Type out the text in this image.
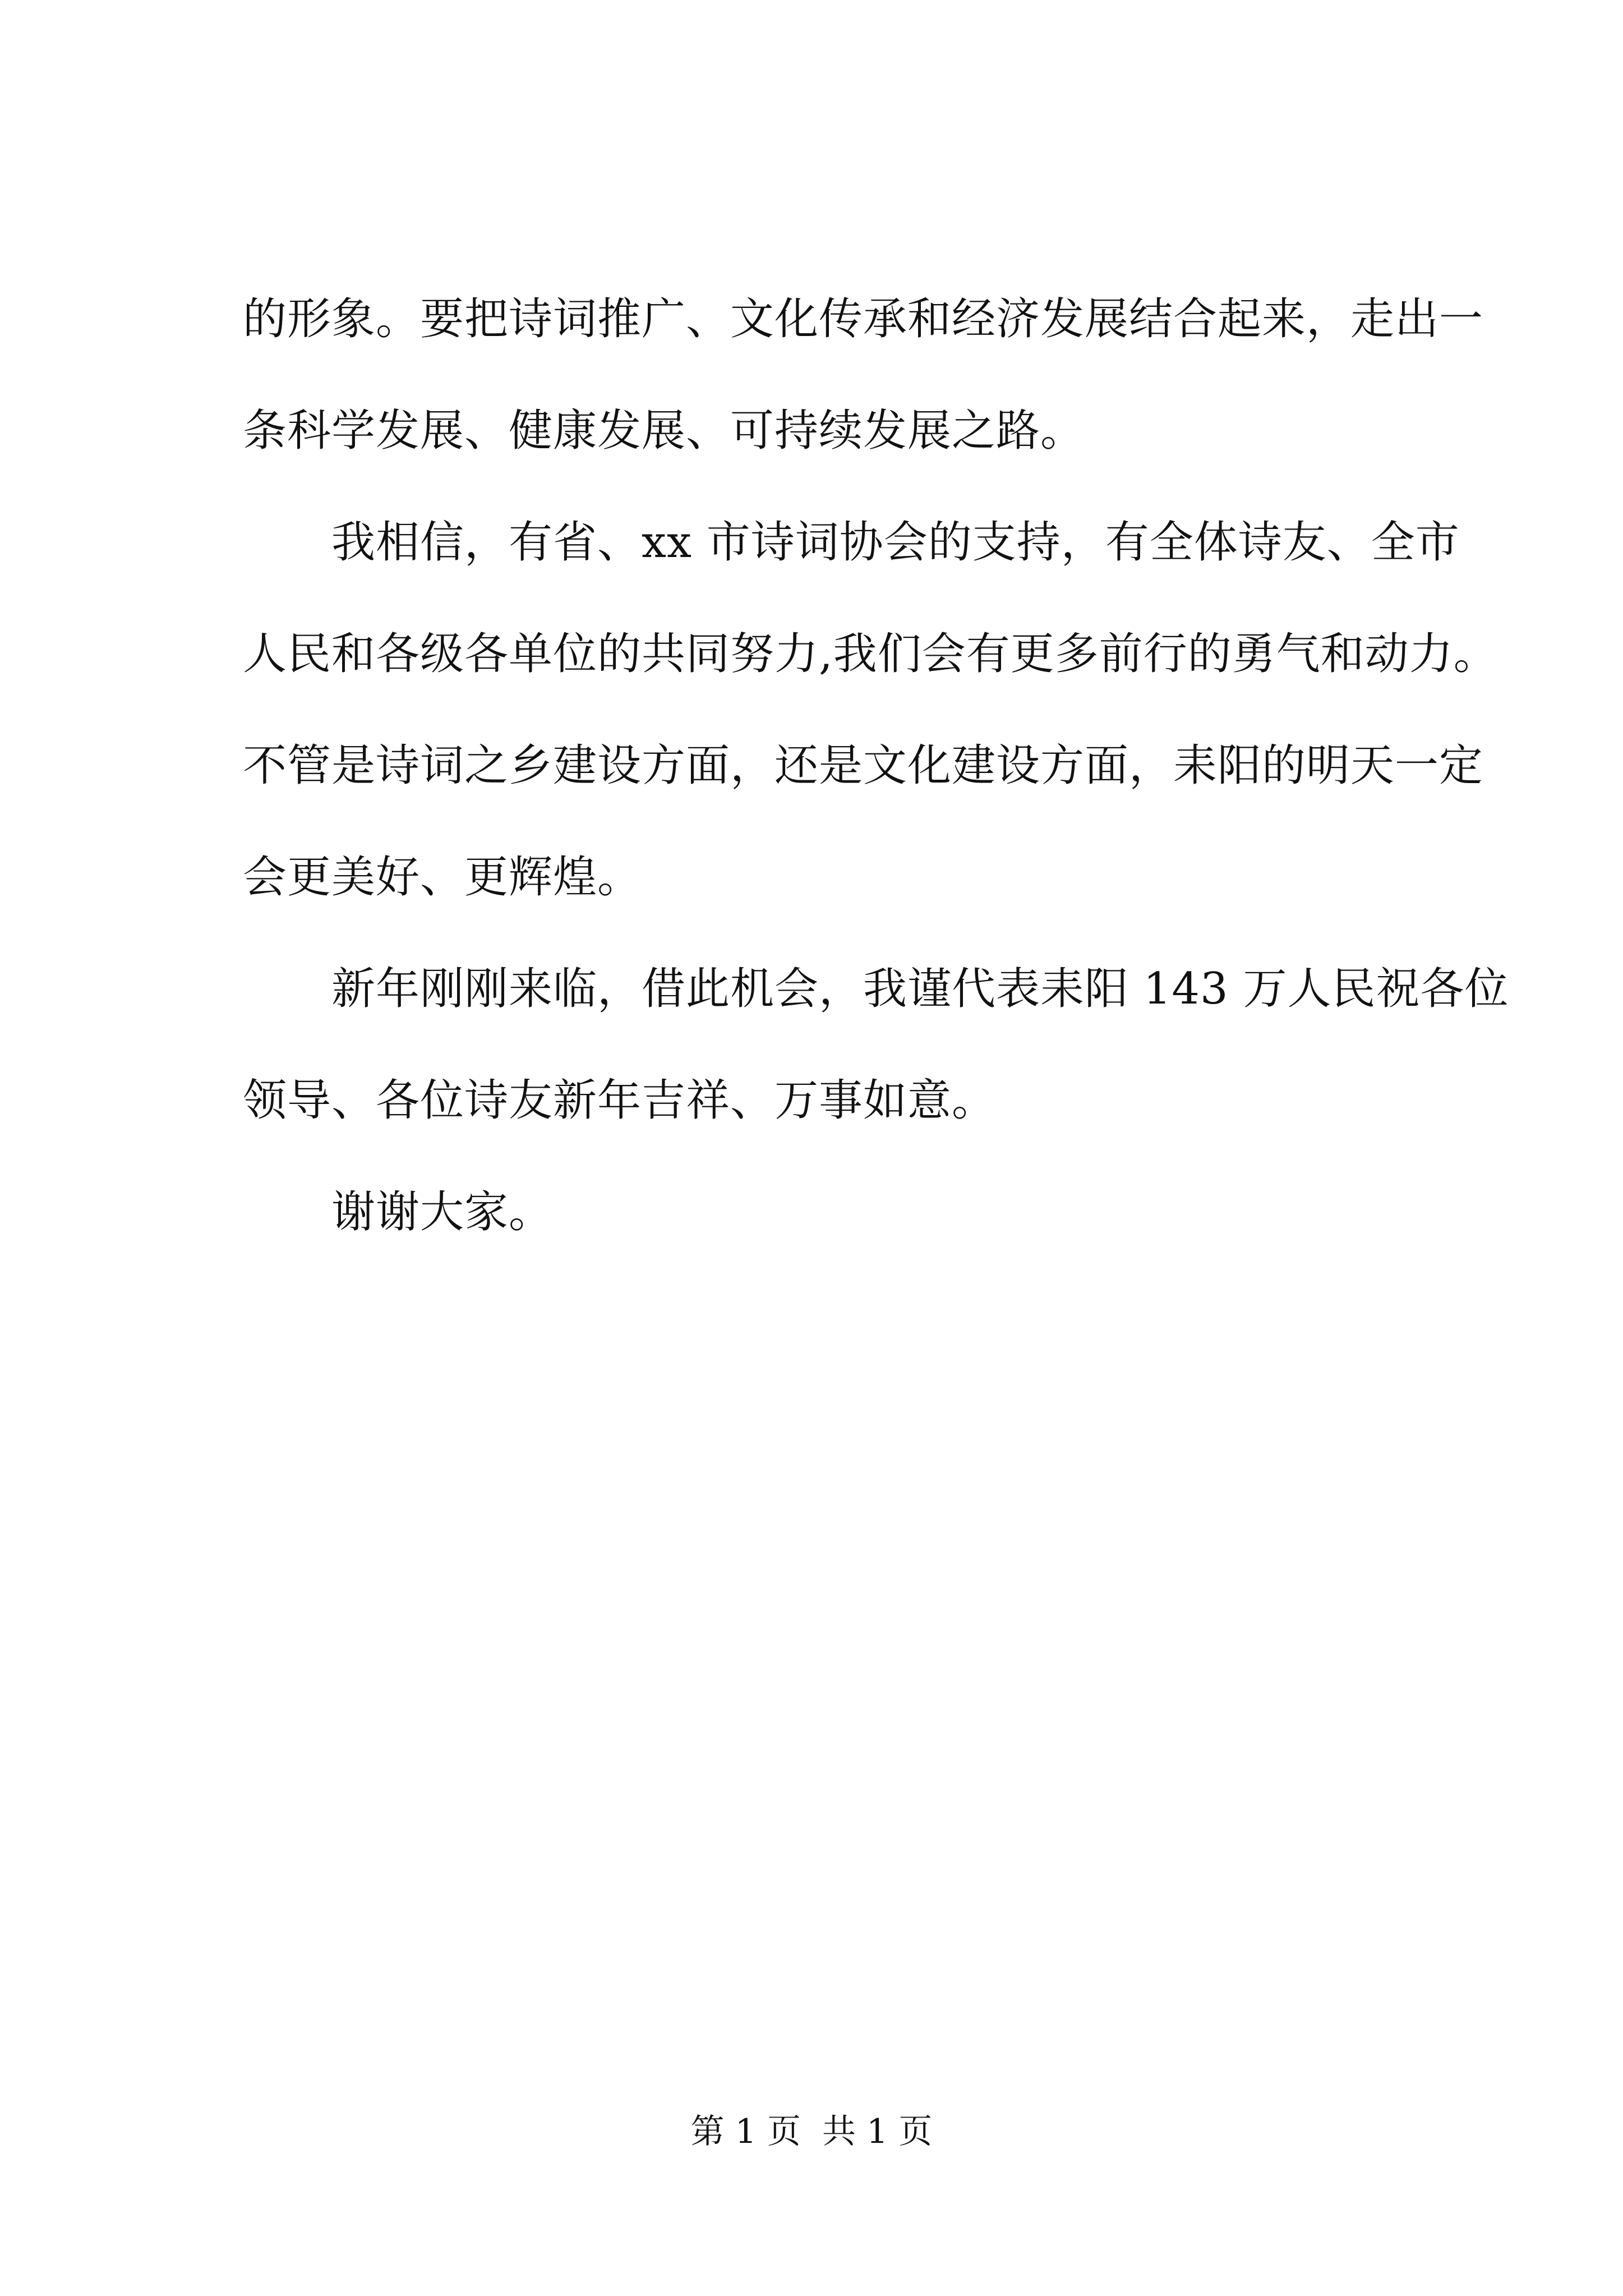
的形象。要把诗词推广、文化传承和经济发展结合起来，走出一
条科学发展、健康发展、可持续发展之路。
　　我相信，有省、xx 市诗词协会的支持，有全体诗友、全市
人民和各级各单位的共同努力,我们会有更多前行的勇气和动力。
不管是诗词之乡建设方面，还是文化建设方面，耒阳的明天一定
会更美好、更辉煌。
　　新年刚刚来临，借此机会，我谨代表耒阳 143 万人民祝各位
领导、各位诗友新年吉祥、万事如意。
　　谢谢大家。
第 1 页 共 1 页
